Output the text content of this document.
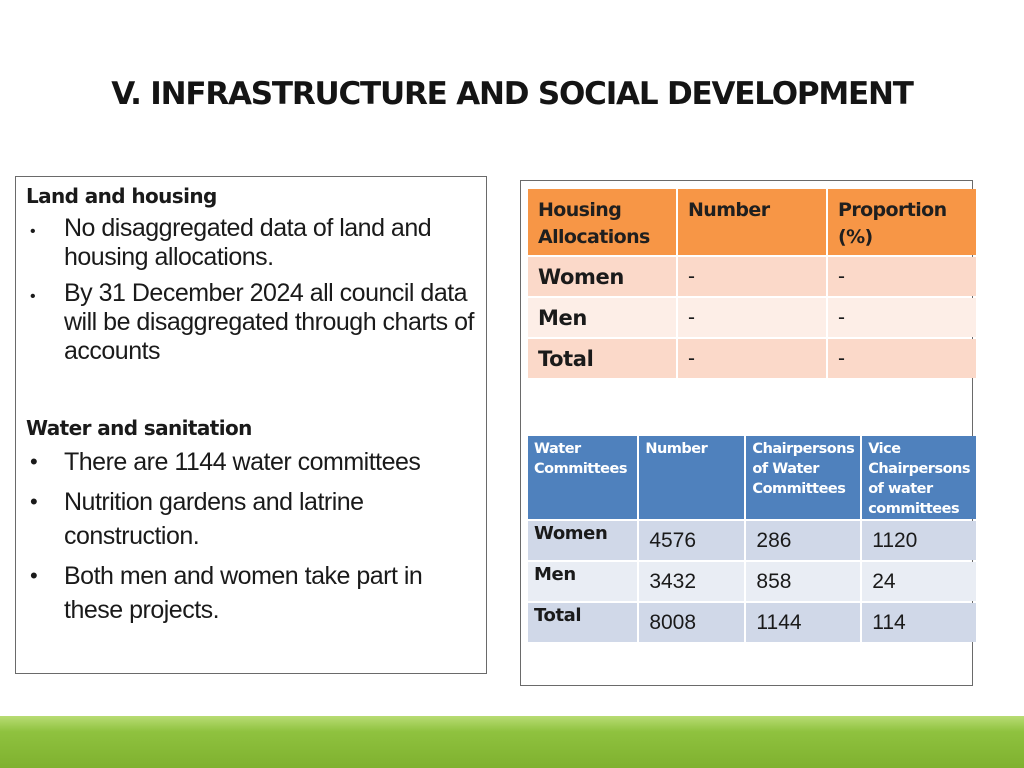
V. INFRASTRUCTURE AND SOCIAL DEVELOPMENT
Land and housing
• No disaggregated data of land and housing allocations.
• By 31 December 2024 all council data will be disaggregated through charts of accounts
Water and sanitation
• There are 1144 water committees
• Nutrition gardens and latrine construction.
• Both men and women take part in these projects.
Housing Allocations	Number	Proportion (%)
Women	-	-
Men	-	-
Total	-	-
Water Committees	Number	Chairpersons of Water Committees	Vice Chairpersons of water committees
Women	4576	286	1120
Men	3432	858	24
Total	8008	1144	114
